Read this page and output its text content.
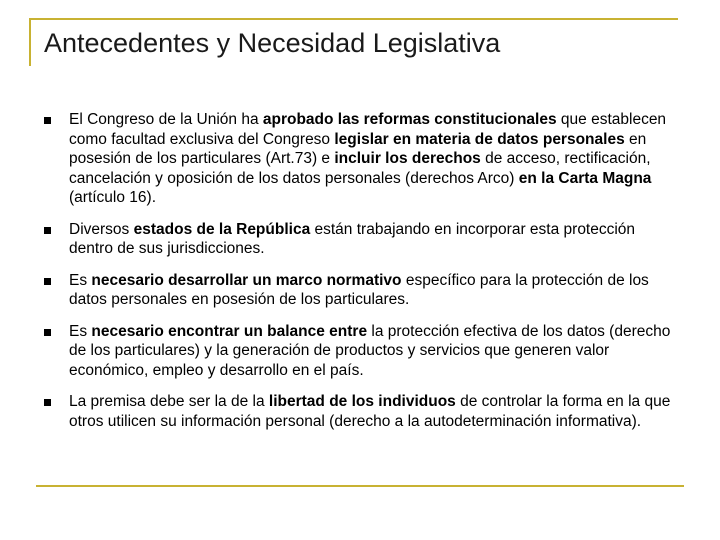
Antecedentes y Necesidad Legislativa
El Congreso de la Unión ha aprobado las reformas constitucionales que establecen como facultad exclusiva del Congreso legislar en materia de datos personales en posesión de los particulares (Art.73) e incluir los derechos de acceso, rectificación, cancelación y oposición de los datos personales (derechos Arco) en la Carta Magna (artículo 16).
Diversos estados de la República están trabajando en incorporar esta protección dentro de sus jurisdicciones.
Es necesario desarrollar un marco normativo específico para la protección de los datos personales en posesión de los particulares.
Es necesario encontrar un balance entre la protección efectiva de los datos (derecho de los particulares) y la generación de productos y servicios que generen valor económico, empleo y desarrollo en el país.
La premisa debe ser la de la libertad de los individuos de controlar la forma en la que otros utilicen su información personal (derecho a la autodeterminación informativa).
